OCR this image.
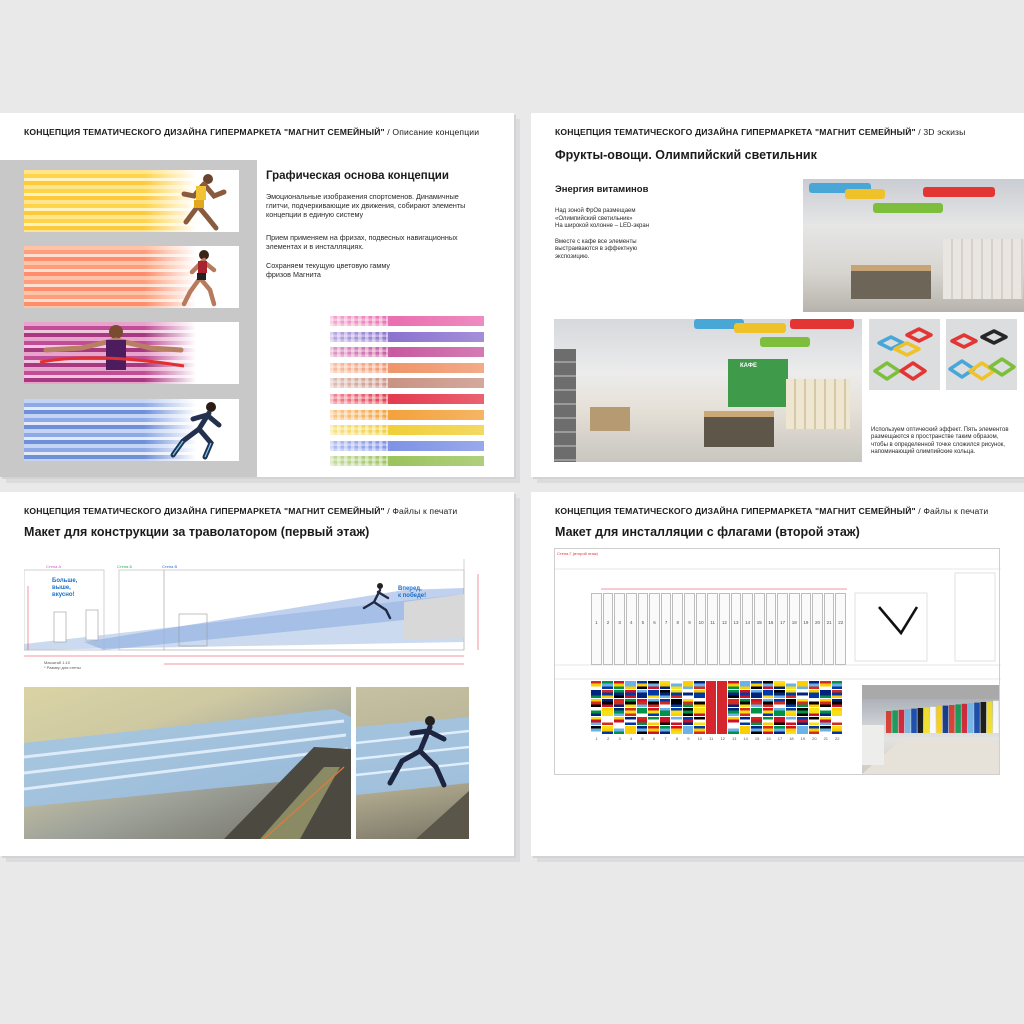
КОНЦЕПЦИЯ ТЕМАТИЧЕСКОГО ДИЗАЙНА ГИПЕРМАРКЕТА "МАГНИТ СЕМЕЙНЫЙ" / Описание концепции
Графическая основа концепции

Эмоциональные изображения спортсменов. Динамичные глитчи, подчеркивающие их движения, собирают элементы концепции в единую систему

Прием применяем на фризах, подвесных навигационных элементах и в инсталляциях.

Сохраняем текущую цветовую гамму фризов Магнита

КОНЦЕПЦИЯ ТЕМАТИЧЕСКОГО ДИЗАЙНА ГИПЕРМАРКЕТА "МАГНИТ СЕМЕЙНЫЙ" / 3D эскизы
Фрукты-овощи. Олимпийский светильник
Энергия витаминов
Над зоной ФрОв размещаем
«Олимпийский светильник»
На широкой колонне – LED-экран
Вместе с кафе все элементы
выстраиваются в эффектную
экспозицию.
КАФЕ
Используем оптический эффект. Пять элементов
размещаются в пространстве таким образом,
чтобы в определенной точке сложился рисунок,
напоминающий олимпийские кольца.
КОНЦЕПЦИЯ ТЕМАТИЧЕСКОГО ДИЗАЙНА ГИПЕРМАРКЕТА "МАГНИТ СЕМЕЙНЫЙ" / Файлы к печати
Макет для конструкции за траволатором (первый этаж)
Стена А	Стена Б	Стена В
Больше,
выше,
вкусно!
Вперед,
к победе!
Масштаб 1:10
* Размер для стены
КОНЦЕПЦИЯ ТЕМАТИЧЕСКОГО ДИЗАЙНА ГИПЕРМАРКЕТА "МАГНИТ СЕМЕЙНЫЙ" / Файлы к печати
Макет для инсталляции с флагами (второй этаж)
Стена Г (второй этаж)
1	2	3	4	5	6	7	8	9	10	11	12	13	14	15	16	17	18	19	20	21	22
1	2	3	4	5	6	7	8	9	10	11	12	13	14	15	16	17	18	19	20	21	22
